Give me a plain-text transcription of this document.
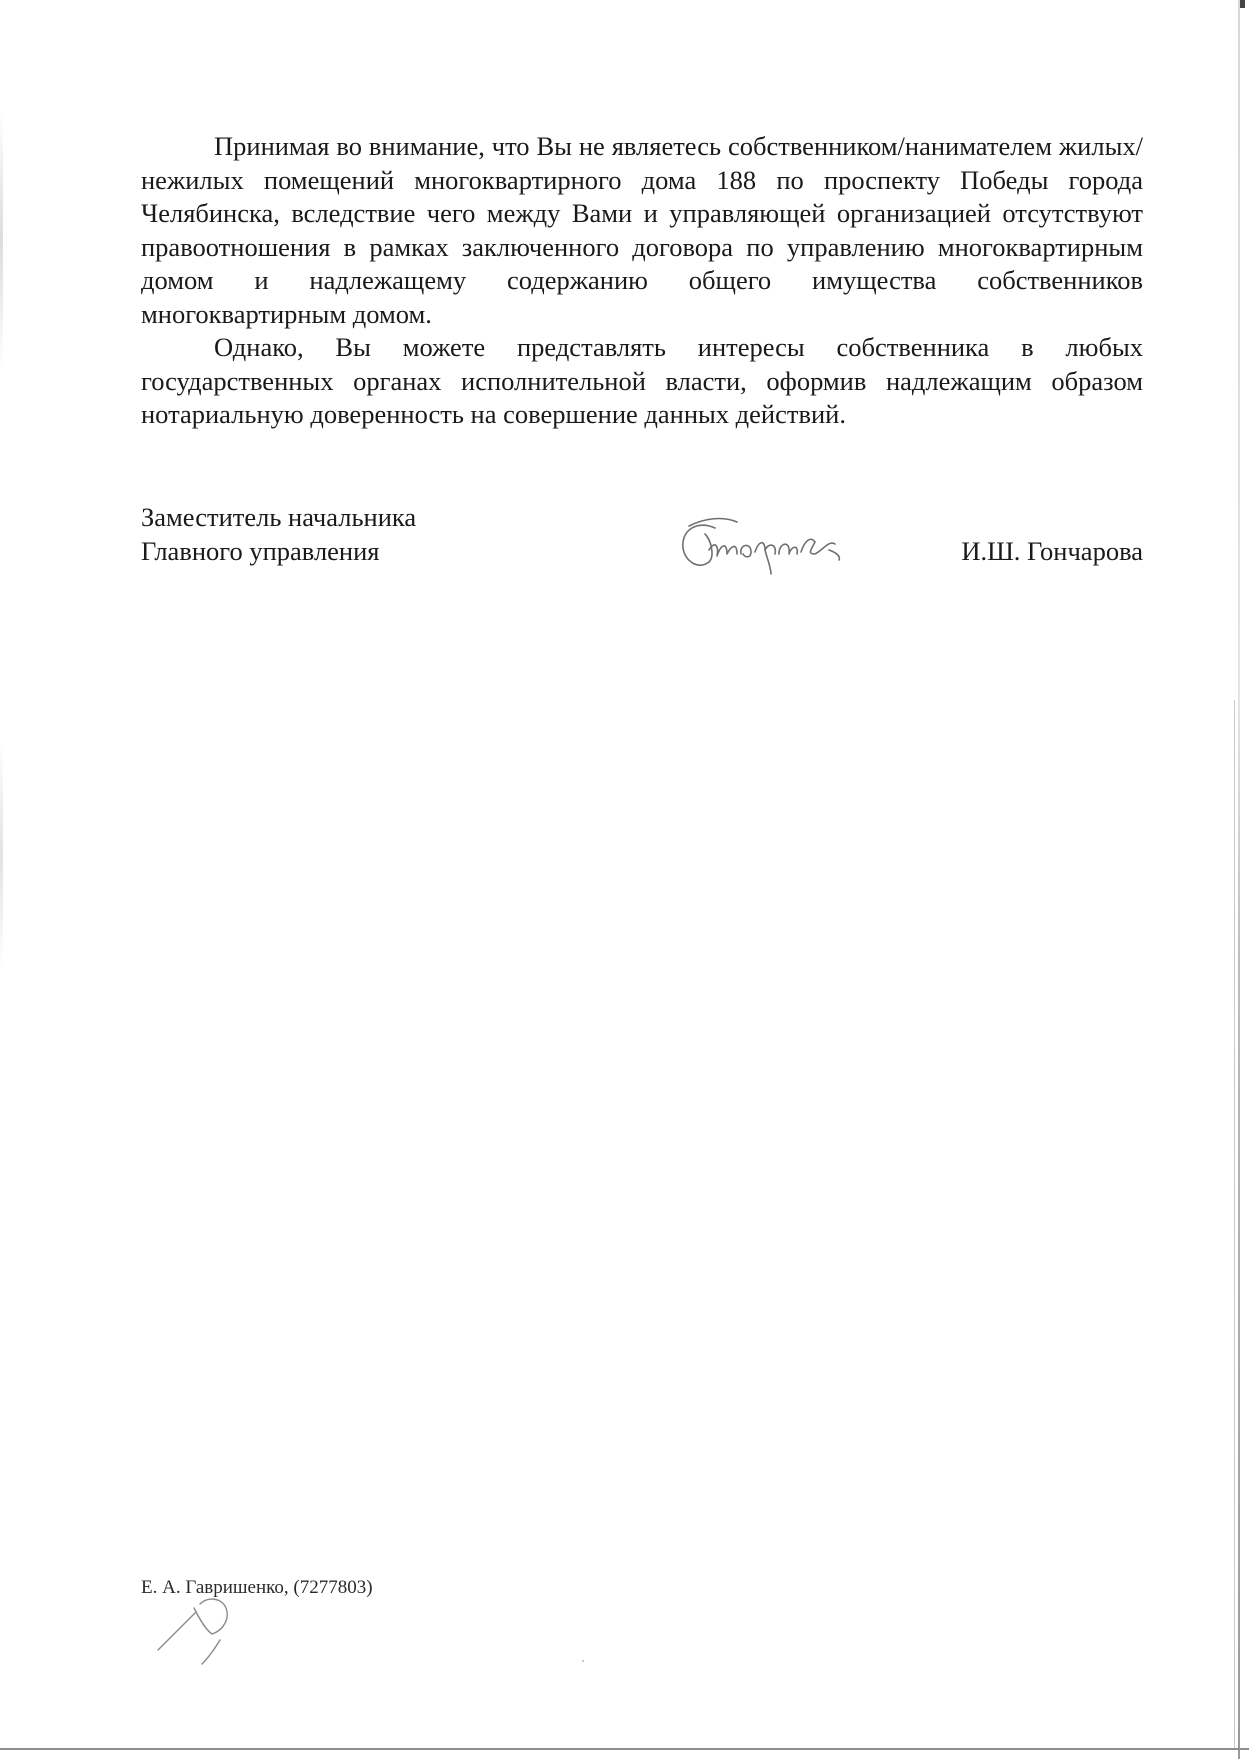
Принимая во внимание, что Вы не являетесь собственником/нанимателем жилых/нежилых помещений многоквартирного дома 188 по проспекту Победы города Челябинска, вследствие чего между Вами и управляющей организацией отсутствуют правоотношения в рамках заключенного договора по управлению многоквартирным домом и надлежащему содержанию общего имущества собственников многоквартирным домом.

Однако, Вы можете представлять интересы собственника в любых государственных органах исполнительной власти, оформив надлежащим образом нотариальную доверенность на совершение данных действий.

Заместитель начальника
Главного управления	И.Ш. Гончарова
Е. А. Гавришенко, (7277803)
